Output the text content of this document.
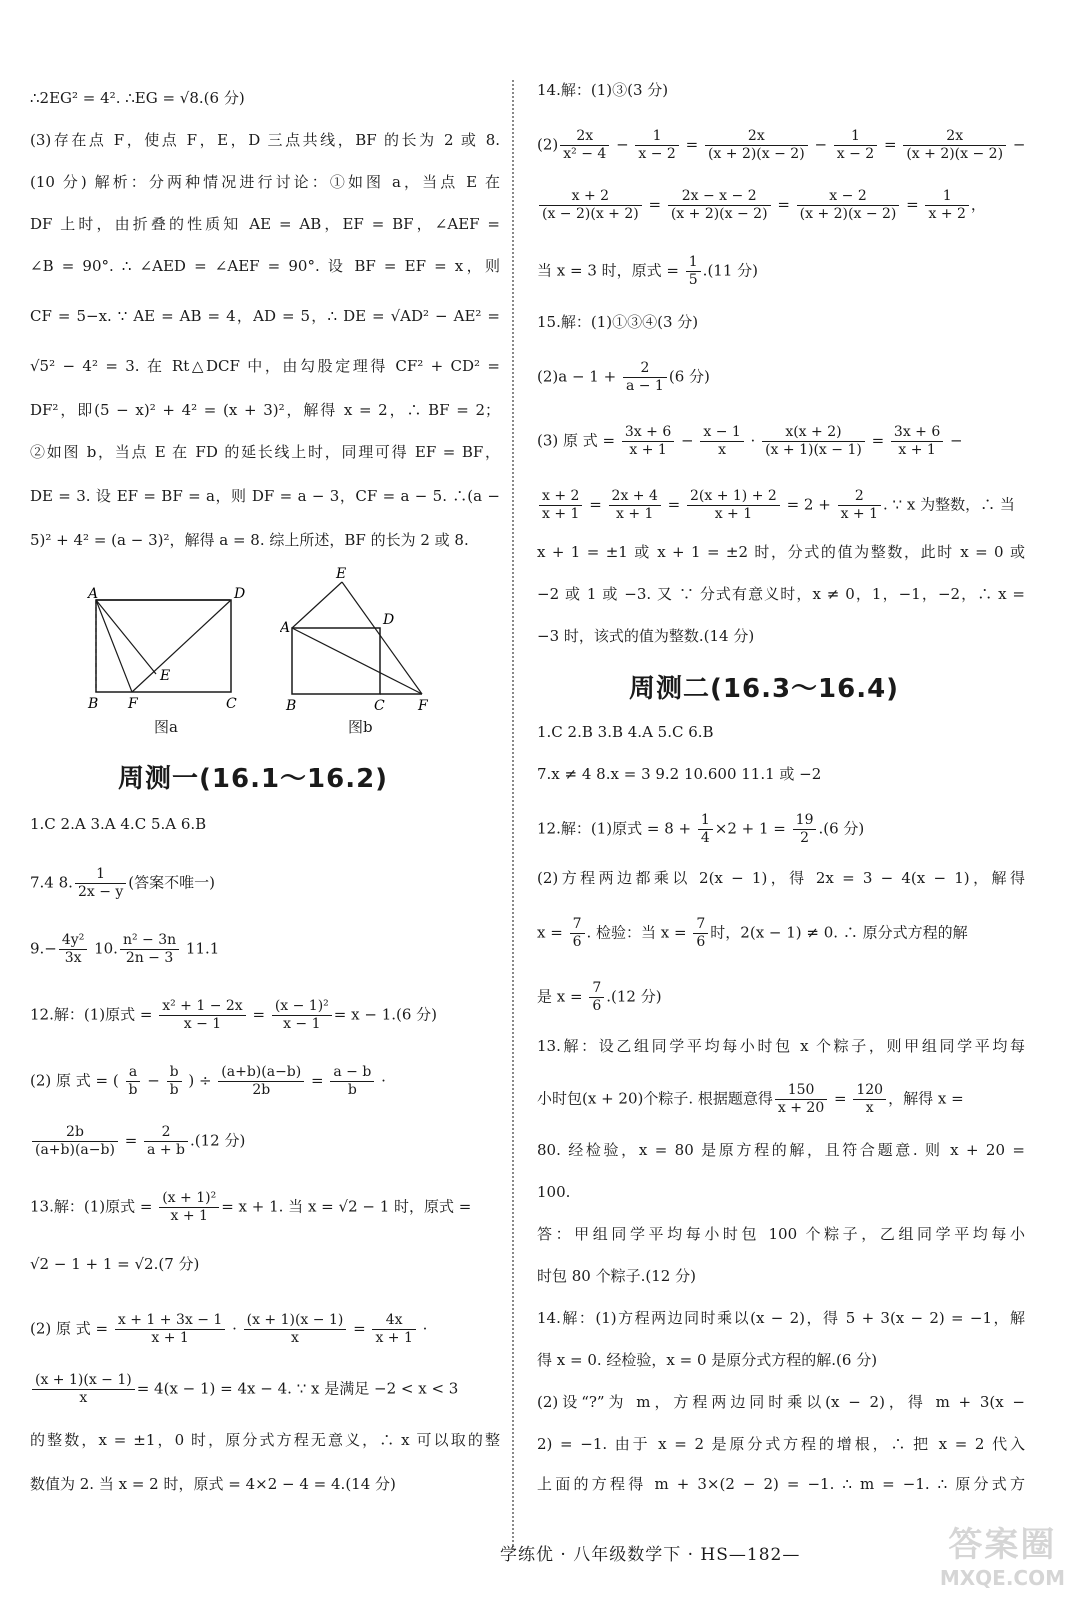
∴2EG² = 4². ∴EG = √8.(6 分)
(3)存在点 F，使点 F，E，D 三点共线，BF 的长为 2 或 8.
(10 分) 解析：分两种情况进行讨论：①如图 a，当点 E 在
DF 上时，由折叠的性质知 AE = AB，EF = BF，∠AEF =
∠B = 90°. ∴ ∠AED = ∠AEF = 90°. 设 BF = EF = x，则
CF = 5−x. ∵ AE = AB = 4，AD = 5，∴ DE = √AD² − AE² =
√5² − 4² = 3. 在 Rt△DCF 中，由勾股定理得 CF² + CD² =
DF²，即(5 − x)² + 4² = (x + 3)²，解得 x = 2，∴ BF = 2；
②如图 b，当点 E 在 FD 的延长线上时，同理可得 EF = BF，
DE = 3. 设 EF = BF = a，则 DF = a − 3，CF = a − 5. ∴(a −
5)² + 4² = (a − 3)²，解得 a = 8. 综上所述，BF 的长为 2 或 8.
A	D
B F	C
E
图a
E
A	D
B	C F
图b
周测一(16.1～16.2)
1.C 2.A 3.A 4.C 5.A 6.B
7.4 8. $\frac{1}{2x - y}$ (答案不唯一)
$9.- \frac{\text{4y²}}{3x} 10$. $\frac{\text{n² − 3n}}{2n - 3} 11.1$
12.解：(1)原式 = $\frac{\text{x² + 1 − 2x}}{x - 1} = \frac{\text{(x − 1)²}}{x - 1} = x - 1.(6$ 分)
(2) 原 式 = ( $\frac{a}{b} - \frac{b}{b}$ ) ÷ $\frac{(a+b)(a-b)}{2b} = \frac{a - b}{b}$ ·
$\frac{2b}{(a+b)(a-b)} = \frac{2}{a + b} .(12$ 分)
13.解：(1)原式 = $\frac{\text{(x + 1)²}}{x + 1} = x + 1$. 当 x = √2 − 1 时，原式 =
√2 − 1 + 1 = √2.(7 分)
(2) 原 式 = $\frac{x + 1 + 3x - 1}{x + 1} \cdot \frac{(x + 1)(x - 1)}{x} = \frac{4x}{x + 1}$ ·
$\frac{(x + 1)(x - 1)}{x} = 4(x - 1) = 4x - 4$. ∵ x 是满足 −2 < x < 3
的整数，x = ±1，0 时，原分式方程无意义，∴ x 可以取的整
数值为 2. 当 x = 2 时，原式 = 4×2 − 4 = 4.(14 分)
14.解：(1)③(3 分)
$(2) \frac{2x}{\text{x² − 4}} - \frac{1}{x - 2} = \frac{2x}{(x + 2)(x - 2)} - \frac{1}{x - 2} = \frac{2x}{(x + 2)(x - 2)}$ −
$\frac{x + 2}{(x - 2)(x + 2)} = \frac{2x - x - 2}{(x + 2)(x - 2)} = \frac{x - 2}{(x + 2)(x - 2)} = \frac{1}{x + 2}$ ，
当 x = 3 时，原式 = $\frac{1}{5} .(11$ 分)
15.解：(1)①③④(3 分)
$(2)a - 1 + \frac{2}{a - 1} (6$ 分)
(3) 原 式 = $\frac{3x + 6}{x + 1} - \frac{x - 1}{x} \cdot \frac{x(x + 2)}{(x + 1)(x - 1)} = \frac{3x + 6}{x + 1}$ −
$\frac{x + 2}{x + 1} = \frac{2x + 4}{x + 1} = \frac{2(x + 1) + 2}{x + 1} = 2 + \frac{2}{x + 1}$ . ∵ x 为整数，∴ 当
x + 1 = ±1 或 x + 1 = ±2 时，分式的值为整数，此时 x = 0 或
−2 或 1 或 −3. 又 ∵ 分式有意义时，x ≠ 0，1，−1，−2，∴ x =
−3 时，该式的值为整数.(14 分)
周测二(16.3～16.4)
1.C 2.B 3.B 4.A 5.C 6.B
7.x ≠ 4 8.x = 3 9.2 10.600 11.1 或 −2
12.解：(1)原式 = $8 + \frac{1}{4} \times 2 + 1 = \frac{19}{2} .(6$ 分)
(2)方程两边都乘以 2(x − 1)，得 2x = 3 − 4(x − 1)，解得
$x = \frac{7}{6}$ . 检验：当 $x = \frac{7}{6}$ 时，2(x − 1) ≠ 0. ∴ 原分式方程的解
是 $x = \frac{7}{6} .(12$ 分)
13.解：设乙组同学平均每小时包 x 个粽子，则甲组同学平均每
小时包(x + 20)个粽子. 根据题意得 $\frac{150}{x + 20} = \frac{120}{x}$ ，解得 x =
80. 经检验，x = 80 是原方程的解，且符合题意. 则 x + 20 =
100.
答：甲组同学平均每小时包 100 个粽子，乙组同学平均每小
时包 80 个粽子.(12 分)
14.解：(1)方程两边同时乘以(x − 2)，得 5 + 3(x − 2) = −1，解
得 x = 0. 经检验，x = 0 是原分式方程的解.(6 分)
(2)设“?”为 m，方程两边同时乘以(x − 2)，得 m + 3(x −
2) = −1. 由于 x = 2 是原分式方程的增根，∴ 把 x = 2 代入
上面的方程得 m + 3×(2 − 2) = −1. ∴ m = −1. ∴ 原分式方
学练优 · 八年级数学下 · HS—182—	答案圈
MXQE.COM
